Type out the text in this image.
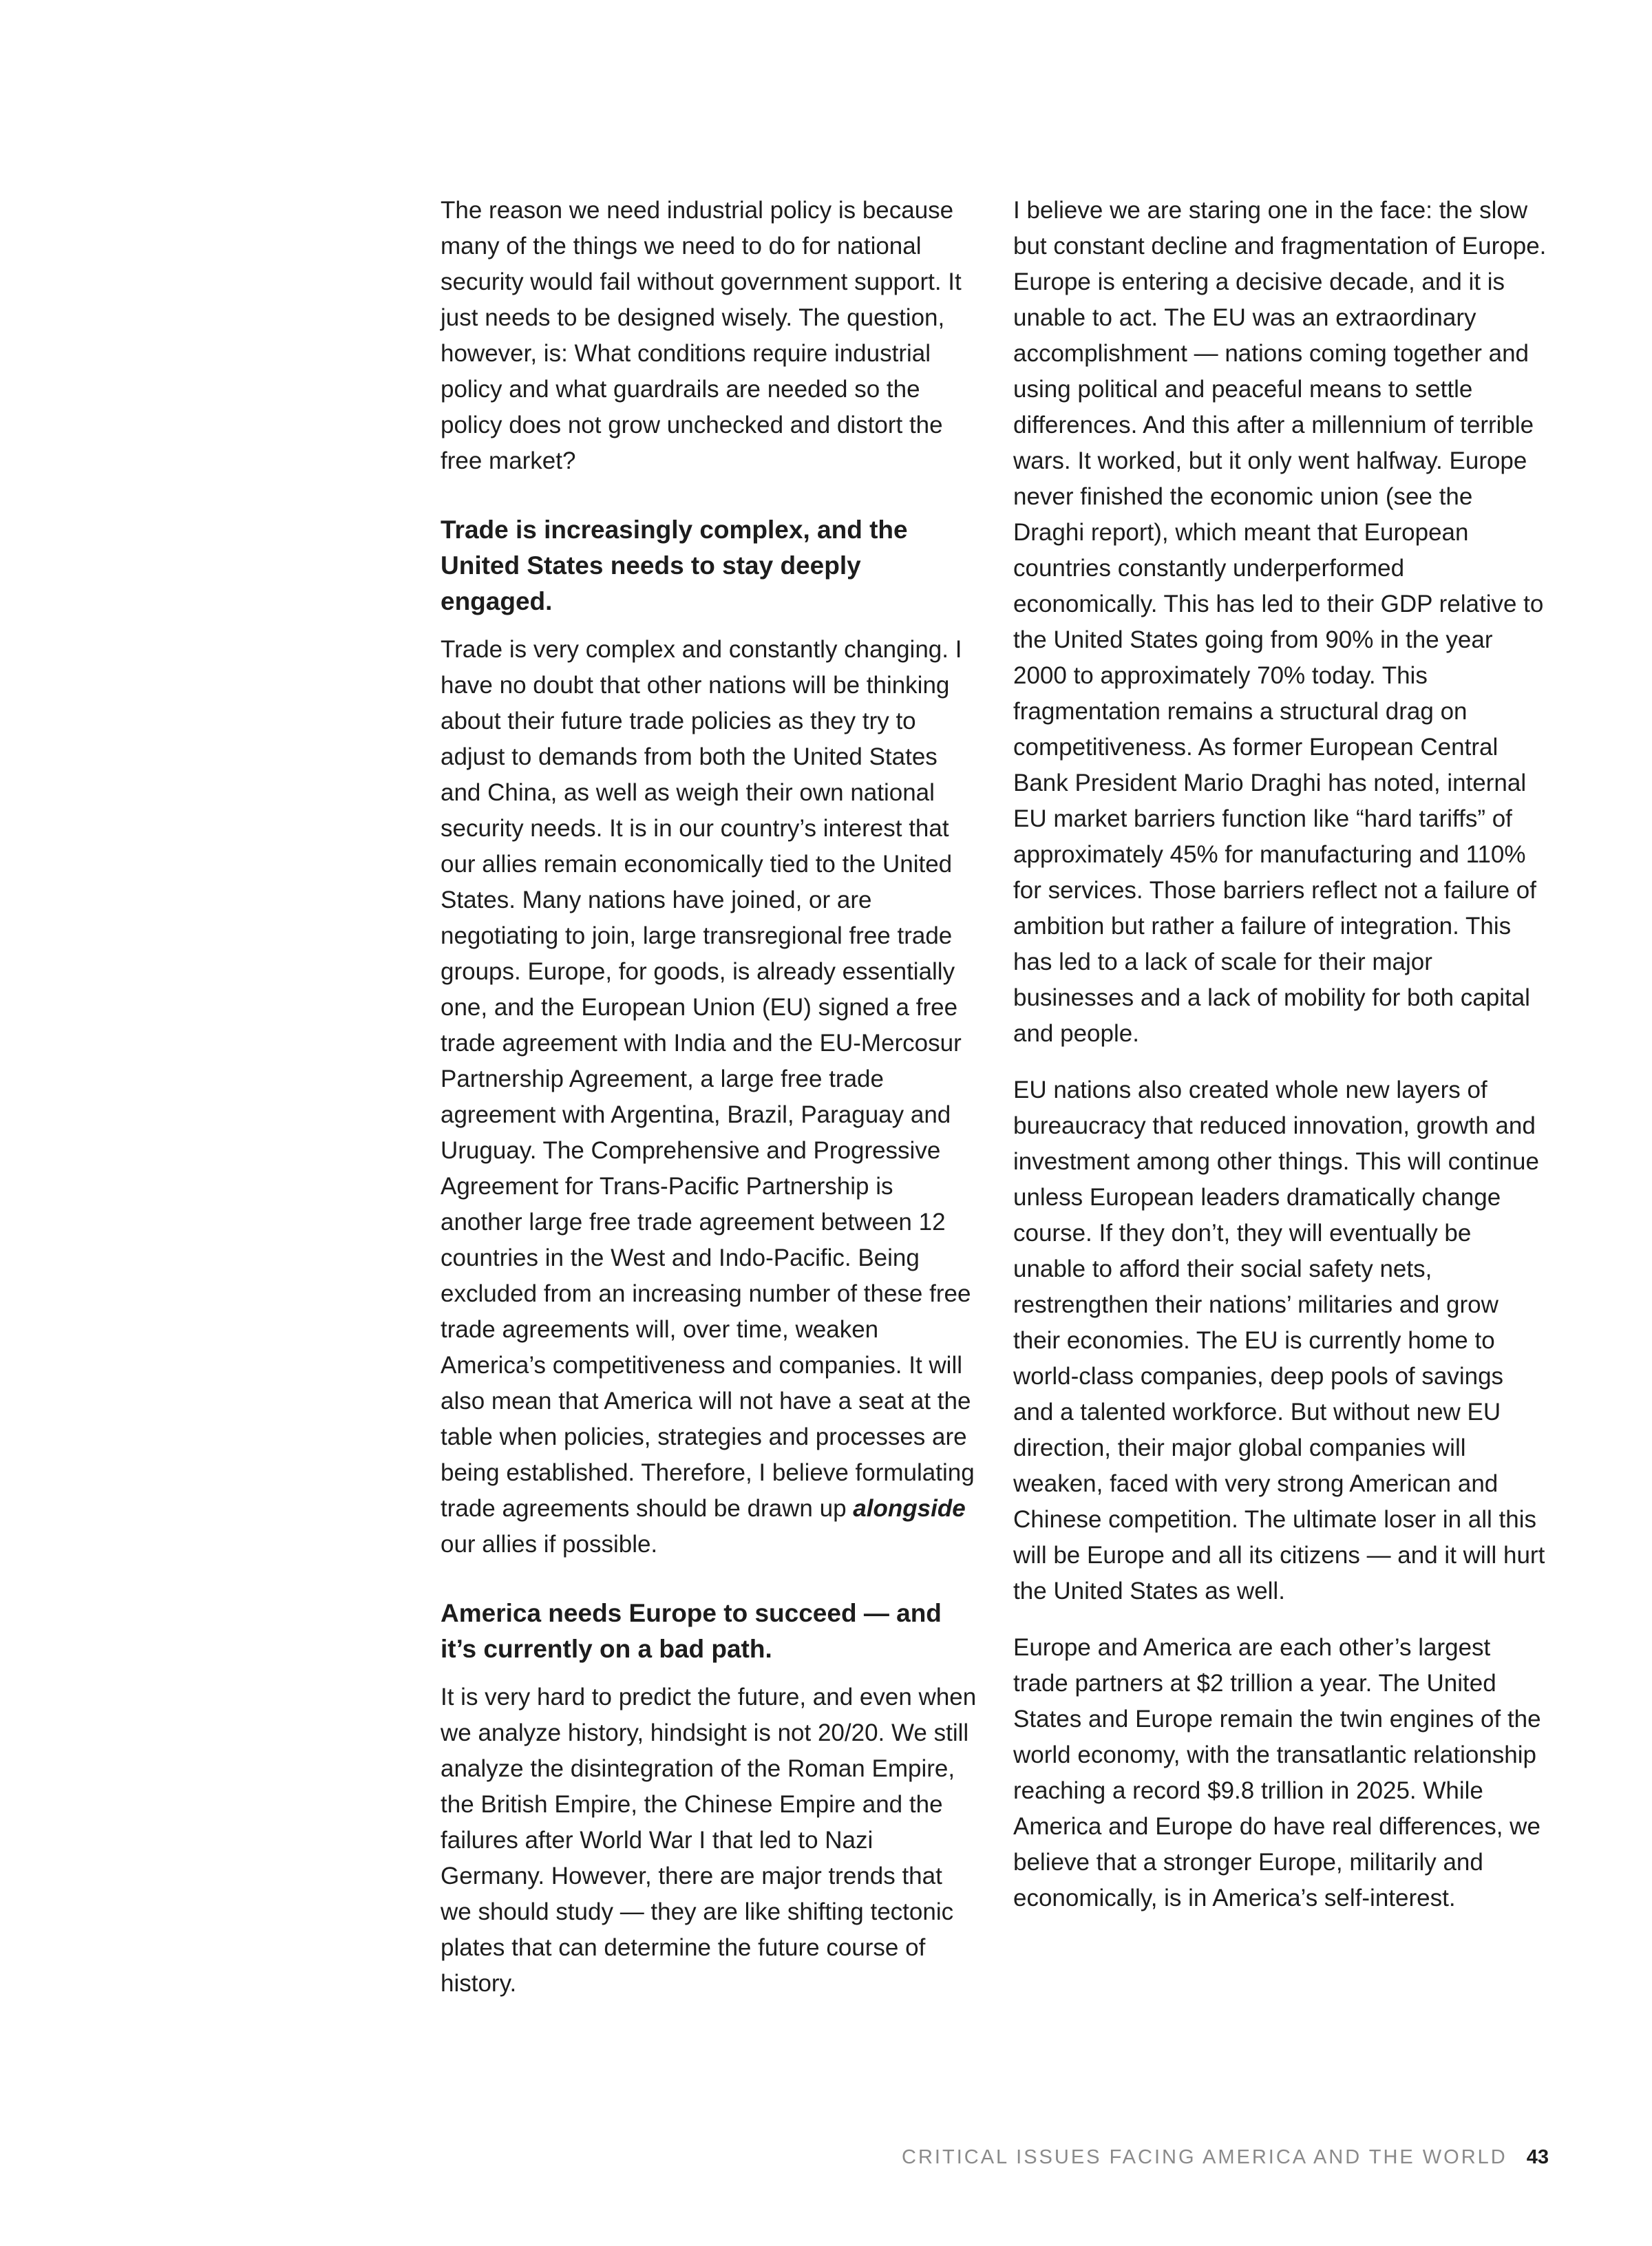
The reason we need industrial policy is because many of the things we need to do for national security would fail without government support. It just needs to be designed wisely. The question, however, is: What conditions require industrial policy and what guardrails are needed so the policy does not grow unchecked and distort the free market?

Trade is increasingly complex, and the United States needs to stay deeply engaged.

Trade is very complex and constantly changing. I have no doubt that other nations will be thinking about their future trade policies as they try to adjust to demands from both the United States and China, as well as weigh their own national security needs. It is in our country’s interest that our allies remain economically tied to the United States. Many nations have joined, or are negotiating to join, large transregional free trade groups. Europe, for goods, is already essentially one, and the European Union (EU) signed a free trade agreement with India and the EU-Mercosur Partnership Agreement, a large free trade agreement with Argentina, Brazil, Paraguay and Uruguay. The Comprehensive and Progressive Agreement for Trans-Pacific Partnership is another large free trade agreement between 12 countries in the West and Indo-Pacific. Being excluded from an increasing number of these free trade agreements will, over time, weaken America’s competitiveness and companies. It will also mean that America will not have a seat at the table when policies, strategies and processes are being established. Therefore, I believe formulating trade agreements should be drawn up alongside our allies if possible.

America needs Europe to succeed — and it’s currently on a bad path.

It is very hard to predict the future, and even when we analyze history, hindsight is not 20/20. We still analyze the disintegration of the Roman Empire, the British Empire, the Chinese Empire and the failures after World War I that led to Nazi Germany. However, there are major trends that we should study — they are like shifting tectonic plates that can determine the future course of history.

I believe we are staring one in the face: the slow but constant decline and fragmentation of Europe. Europe is entering a decisive decade, and it is unable to act. The EU was an extraordinary accomplishment — nations coming together and using political and peaceful means to settle differences. And this after a millennium of terrible wars. It worked, but it only went halfway. Europe never finished the economic union (see the Draghi report), which meant that European countries constantly underperformed economically. This has led to their GDP relative to the United States going from 90% in the year 2000 to approximately 70% today. This fragmentation remains a structural drag on competitiveness. As former European Central Bank President Mario Draghi has noted, internal EU market barriers function like “hard tariffs” of approximately 45% for manufacturing and 110% for services. Those barriers reflect not a failure of ambition but rather a failure of integration. This has led to a lack of scale for their major businesses and a lack of mobility for both capital and people.

EU nations also created whole new layers of bureaucracy that reduced innovation, growth and investment among other things. This will continue unless European leaders dramatically change course. If they don’t, they will eventually be unable to afford their social safety nets, restrengthen their nations’ militaries and grow their economies. The EU is currently home to world-class companies, deep pools of savings and a talented workforce. But without new EU direction, their major global companies will weaken, faced with very strong American and Chinese competition. The ultimate loser in all this will be Europe and all its citizens — and it will hurt the United States as well.

Europe and America are each other’s largest trade partners at $2 trillion a year. The United States and Europe remain the twin engines of the world economy, with the transatlantic relationship reaching a record $9.8 trillion in 2025. While America and Europe do have real differences, we believe that a stronger Europe, militarily and economically, is in America’s self-interest.

CRITICAL ISSUES FACING AMERICA AND THE WORLD 43
